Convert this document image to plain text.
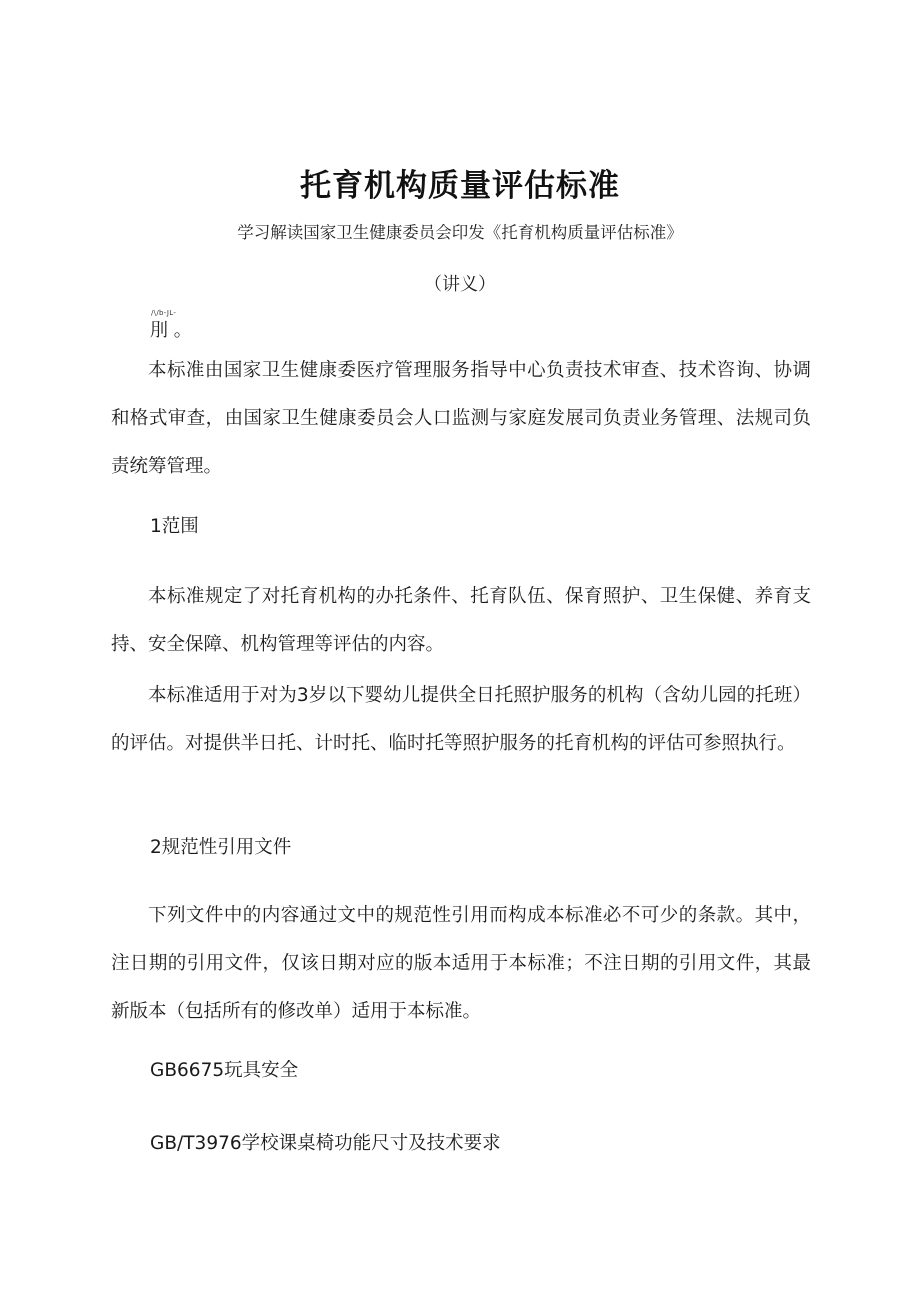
托育机构质量评估标准
学习解读国家卫生健康委员会印发《托育机构质量评估标准》
（讲义）
/\/b-JL-
刖 。

本标准由国家卫生健康委医疗管理服务指导中心负责技术审查、技术咨询、协调和格式审查，由国家卫生健康委员会人口监测与家庭发展司负责业务管理、法规司负责统筹管理。

1范围

本标准规定了对托育机构的办托条件、托育队伍、保育照护、卫生保健、养育支持、安全保障、机构管理等评估的内容。

本标准适用于对为3岁以下婴幼儿提供全日托照护服务的机构（含幼儿园的托班）的评估。对提供半日托、计时托、临时托等照护服务的托育机构的评估可参照执行。

2规范性引用文件

下列文件中的内容通过文中的规范性引用而构成本标准必不可少的条款。其中，注日期的引用文件，仅该日期对应的版本适用于本标准；不注日期的引用文件，其最新版本（包括所有的修改单）适用于本标准。

GB6675玩具安全

GB/T3976学校课桌椅功能尺寸及技术要求
